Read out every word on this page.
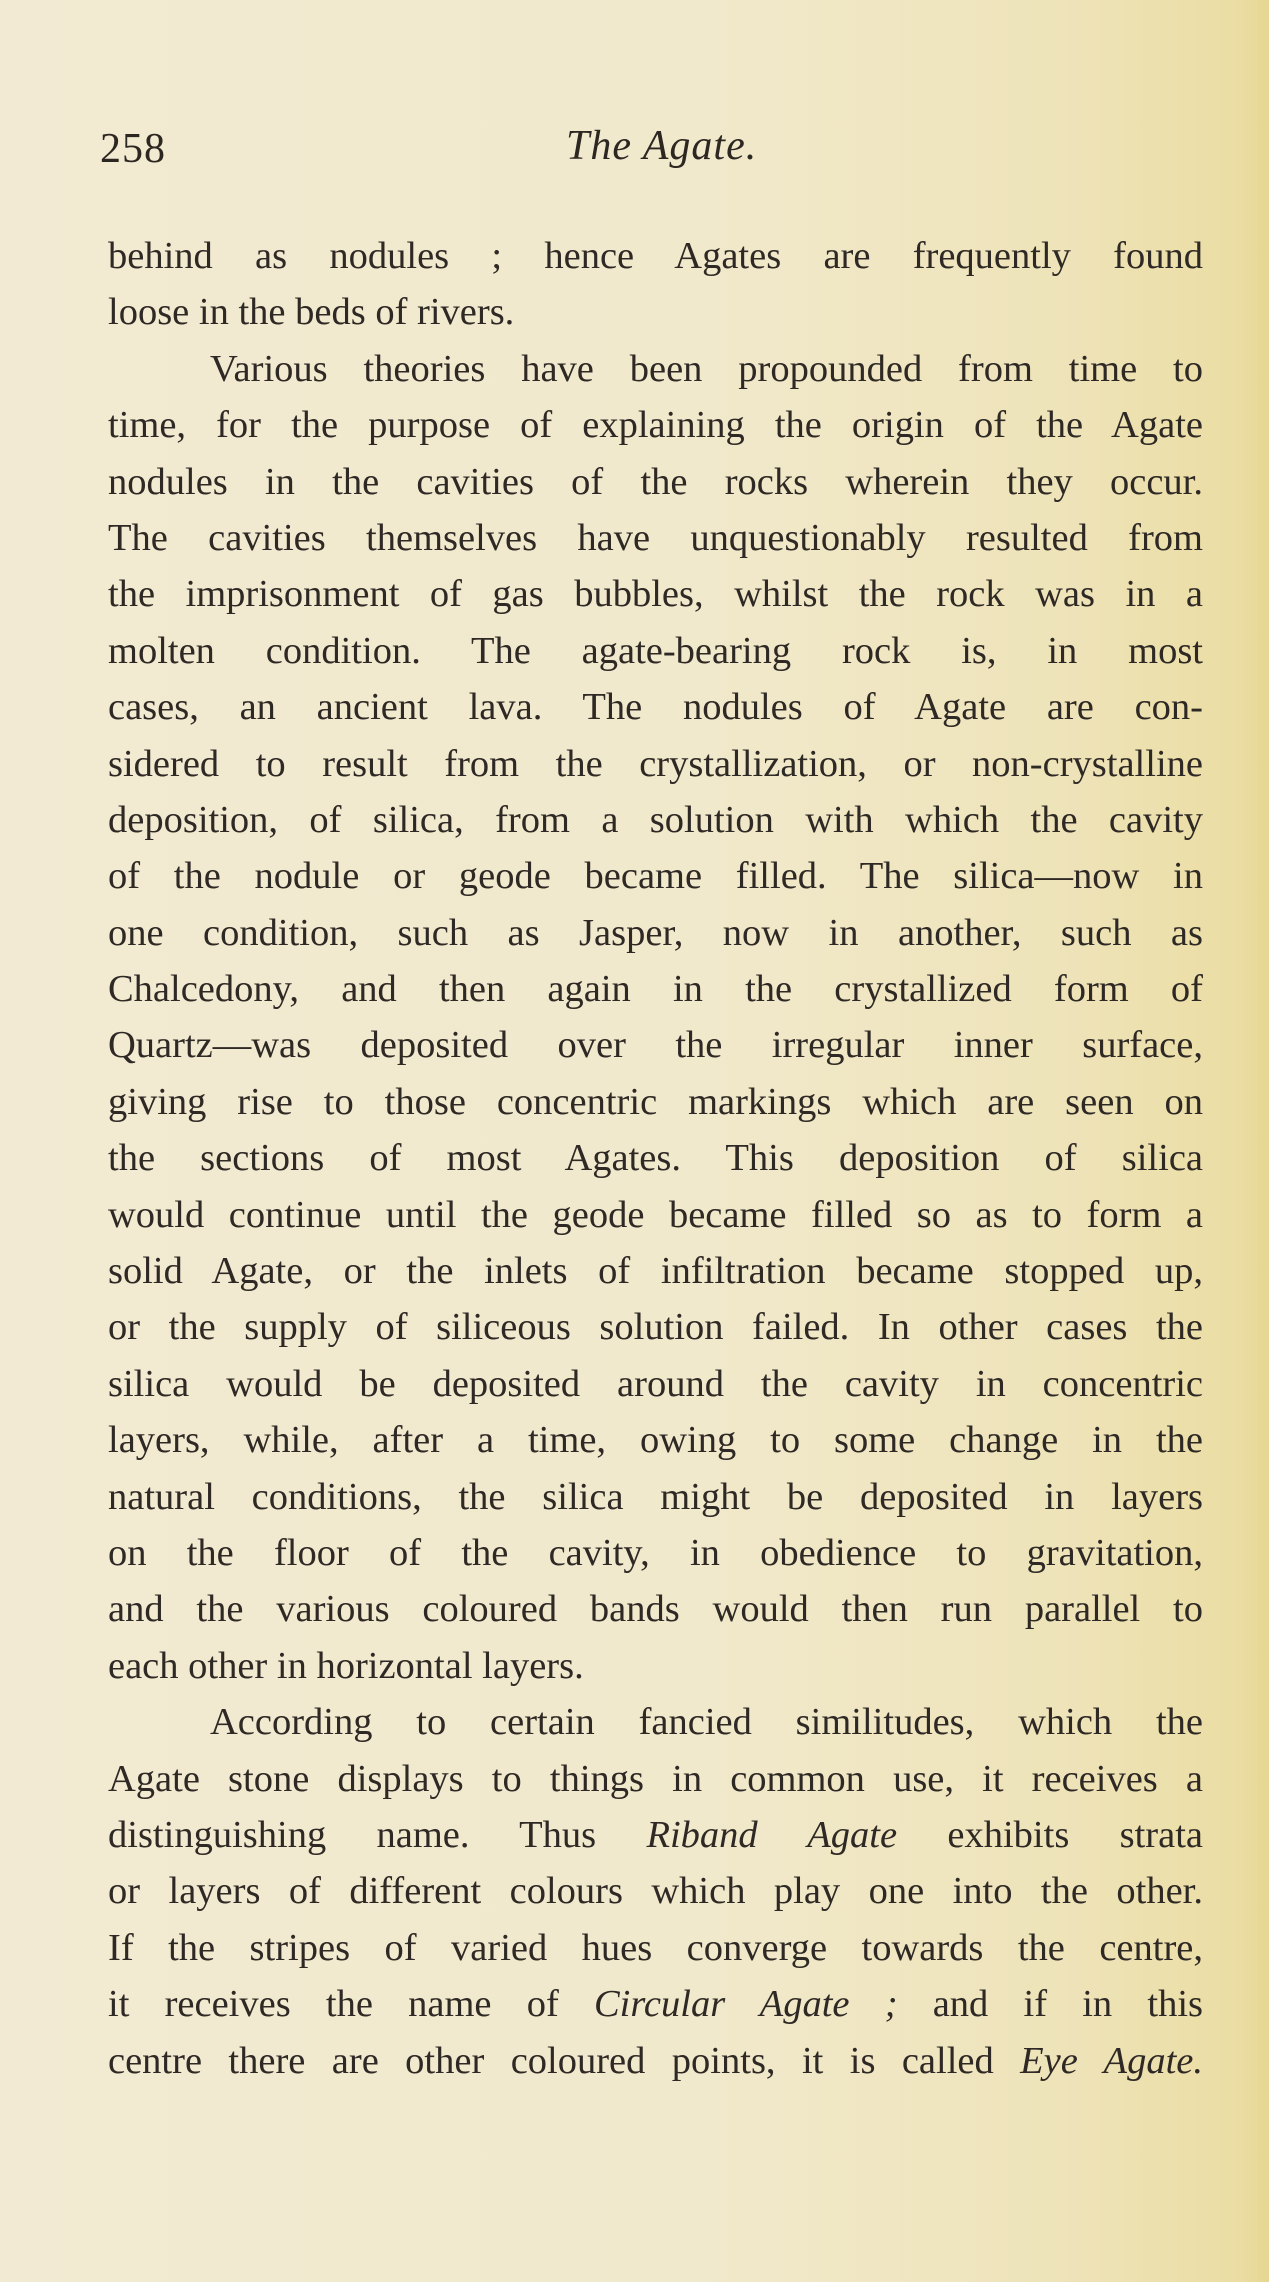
258	The Agate.
behind as nodules ; hence Agates are frequently found
loose in the beds of rivers.
Various theories have been propounded from time to
time, for the purpose of explaining the origin of the Agate
nodules in the cavities of the rocks wherein they occur.
The cavities themselves have unquestionably resulted from
the imprisonment of gas bubbles, whilst the rock was in a
molten condition. The agate-bearing rock is, in most
cases, an ancient lava. The nodules of Agate are con-
sidered to result from the crystallization, or non-crystalline
deposition, of silica, from a solution with which the cavity
of the nodule or geode became filled. The silica—now in
one condition, such as Jasper, now in another, such as
Chalcedony, and then again in the crystallized form of
Quartz—was deposited over the irregular inner surface,
giving rise to those concentric markings which are seen on
the sections of most Agates. This deposition of silica
would continue until the geode became filled so as to form a
solid Agate, or the inlets of infiltration became stopped up,
or the supply of siliceous solution failed. In other cases the
silica would be deposited around the cavity in concentric
layers, while, after a time, owing to some change in the
natural conditions, the silica might be deposited in layers
on the floor of the cavity, in obedience to gravitation,
and the various coloured bands would then run parallel to
each other in horizontal layers.
According to certain fancied similitudes, which the
Agate stone displays to things in common use, it receives a
distinguishing name. Thus Riband Agate exhibits strata
or layers of different colours which play one into the other.
If the stripes of varied hues converge towards the centre,
it receives the name of Circular Agate ; and if in this
centre there are other coloured points, it is called Eye Agate.
